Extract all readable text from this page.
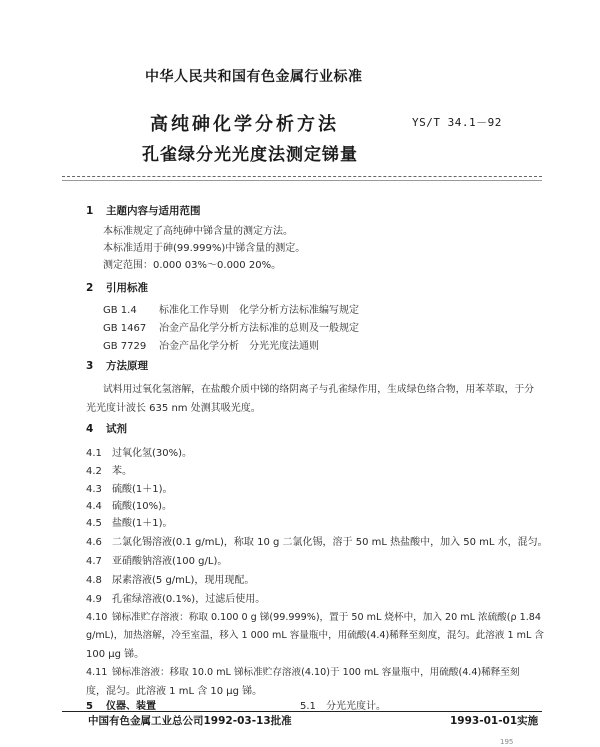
中华人民共和国有色金属行业标准
高纯砷化学分析方法
孔雀绿分光光度法测定锑量
YS/T 34.1－92
1 主题内容与适用范围
本标准规定了高纯砷中锑含量的测定方法。
本标准适用于砷(99.999%)中锑含量的测定。
测定范围：0.000 03%～0.000 20%。
2 引用标准
GB 1.4 标准化工作导则　化学分析方法标准编写规定
GB 1467 冶金产品化学分析方法标准的总则及一般规定
GB 7729 冶金产品化学分析　分光光度法通则
3 方法原理
试料用过氧化氢溶解，在盐酸介质中锑的络阴离子与孔雀绿作用，生成绿色络合物，用苯萃取，于分
光光度计波长 635 nm 处测其吸光度。
4 试剂
4.1 过氧化氢(30%)。
4.2 苯。
4.3 硫酸(1＋1)。
4.4 硫酸(10%)。
4.5 盐酸(1＋1)。
4.6 二氯化锡溶液(0.1 g/mL)，称取 10 g 二氯化锡，溶于 50 mL 热盐酸中，加入 50 mL 水，混匀。
4.7 亚硝酸钠溶液(100 g/L)。
4.8 尿素溶液(5 g/mL)，现用现配。
4.9 孔雀绿溶液(0.1%)，过滤后使用。
4.10 锑标准贮存溶液：称取 0.100 0 g 锑(99.999%)，置于 50 mL 烧杯中，加入 20 mL 浓硫酸(ρ 1.84
g/mL)，加热溶解，冷至室温，移入 1 000 mL 容量瓶中，用硫酸(4.4)稀释至刻度，混匀。此溶液 1 mL 含
100 μg 锑。
4.11 锑标准溶液：移取 10.0 mL 锑标准贮存溶液(4.10)于 100 mL 容量瓶中，用硫酸(4.4)稀释至刻
度，混匀。此溶液 1 mL 含 10 μg 锑。
5 仪器、装置	5.1 分光光度计。
中国有色金属工业总公司1992-03-13批准	1993-01-01实施
195
